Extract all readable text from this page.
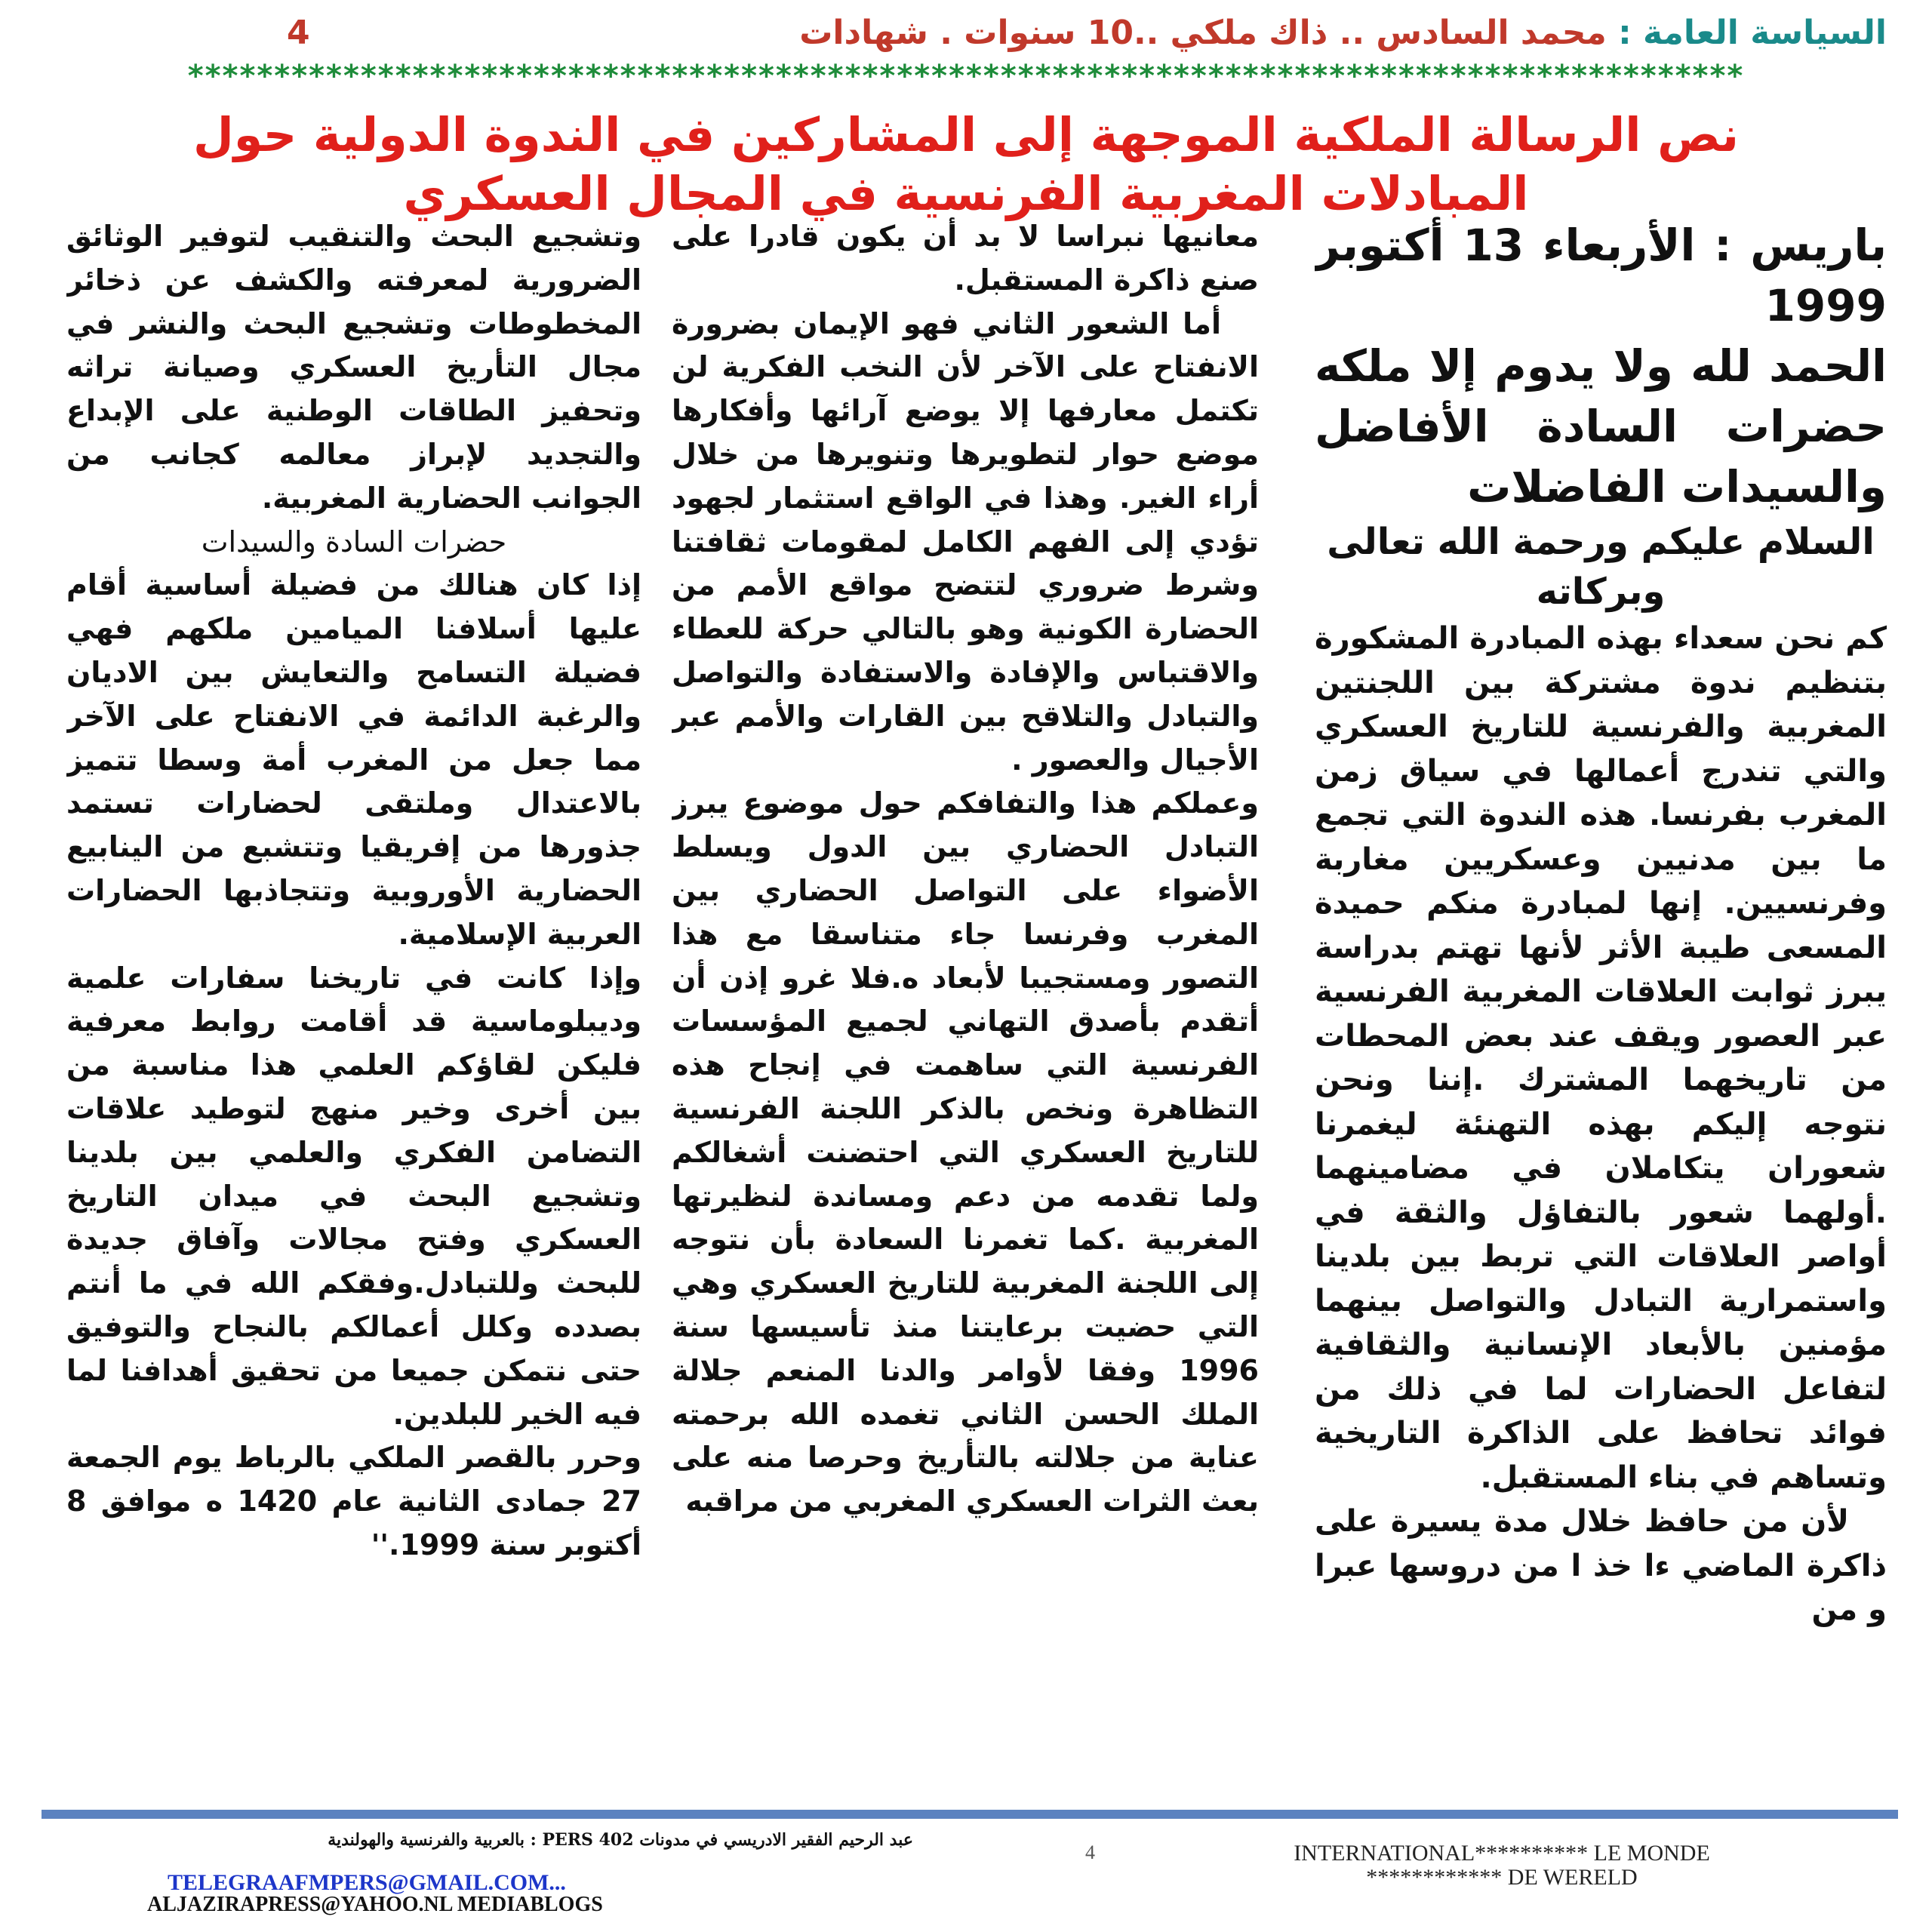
السياسة العامة : محمد السادس .. ذاك ملكي ..10 سنوات . شهادات
4
******************************************************************************************
نص الرسالة الملكية الموجهة إلى المشاركين في الندوة الدولية حول
المبادلات المغربية الفرنسية في المجال العسكري

باريس : الأربعاء 13 أكتوبر 1999

الحمد لله ولا يدوم إلا ملكه حضرات السادة الأفاضل والسيدات الفاضلات

السلام عليكم ورحمة الله تعالى وبركاته

كم نحن سعداء بهذه المبادرة المشكورة بتنظيم ندوة مشتركة بين اللجنتين المغربية والفرنسية للتاريخ العسكري والتي تندرج أعمالها في سياق زمن المغرب بفرنسا. هذه الندوة التي تجمع ما بين مدنيين وعسكريين مغاربة وفرنسيين. إنها لمبادرة منكم حميدة المسعى طيبة الأثر لأنها تهتم بدراسة يبرز ثوابت العلاقات المغربية الفرنسية عبر العصور ويقف عند بعض المحطات من تاريخهما المشترك .إننا ونحن نتوجه إليكم بهذه التهنئة ليغمرنا شعوران يتكاملان في مضامينهما .أولهما شعور بالتفاؤل والثقة في أواصر العلاقات التي تربط بين بلدينا واستمرارية التبادل والتواصل بينهما مؤمنين بالأبعاد الإنسانية والثقافية لتفاعل الحضارات لما في ذلك من فوائد تحافظ على الذاكرة التاريخية وتساهم في بناء المستقبل.

لأن من حافظ خلال مدة يسيرة على ذاكرة الماضي ءا خذ ا من دروسها عبرا و من

معانيها نبراسا لا بد أن يكون قادرا على صنع ذاكرة المستقبل.

أما الشعور الثاني فهو الإيمان بضرورة الانفتاح على الآخر لأن النخب الفكرية لن تكتمل معارفها إلا يوضع آرائها وأفكارها موضع حوار لتطويرها وتنويرها من خلال أراء الغير. وهذا في الواقع استثمار لجهود تؤدي إلى الفهم الكامل لمقومات ثقافتنا وشرط ضروري لتتضح مواقع الأمم من الحضارة الكونية وهو بالتالي حركة للعطاء والاقتباس والإفادة والاستفادة والتواصل والتبادل والتلاقح بين القارات والأمم عبر الأجيال والعصور .

وعملكم هذا والتفافكم حول موضوع يبرز التبادل الحضاري بين الدول ويسلط الأضواء على التواصل الحضاري بين المغرب وفرنسا جاء متناسقا مع هذا التصور ومستجيبا لأبعاد ه.فلا غرو إذن أن أتقدم بأصدق التهاني لجميع المؤسسات الفرنسية التي ساهمت في إنجاح هذه التظاهرة ونخص بالذكر اللجنة الفرنسية للتاريخ العسكري التي احتضنت أشغالكم ولما تقدمه من دعم ومساندة لنظيرتها المغربية .كما تغمرنا السعادة بأن نتوجه إلى اللجنة المغربية للتاريخ العسكري وهي التي حضيت برعايتنا منذ تأسيسها سنة 1996 وفقا لأوامر والدنا المنعم جلالة الملك الحسن الثاني تغمده الله برحمته عناية من جلالته بالتأريخ وحرصا منه على بعث الثرات العسكري المغربي من مراقبه

وتشجيع البحث والتنقيب لتوفير الوثائق الضرورية لمعرفته والكشف عن ذخائر المخطوطات وتشجيع البحث والنشر في مجال التأريخ العسكري وصيانة تراثه وتحفيز الطاقات الوطنية على الإبداع والتجديد لإبراز معالمه كجانب من الجوانب الحضارية المغربية.

حضرات السادة والسيدات

إذا كان هنالك من فضيلة أساسية أقام عليها أسلافنا الميامين ملكهم فهي فضيلة التسامح والتعايش بين الاديان والرغبة الدائمة في الانفتاح على الآخر مما جعل من المغرب أمة وسطا تتميز بالاعتدال وملتقى لحضارات تستمد جذورها من إفريقيا وتتشبع من الينابيع الحضارية الأوروبية وتتجاذبها الحضارات العربية الإسلامية.

وإذا كانت في تاريخنا سفارات علمية وديبلوماسية قد أقامت روابط معرفية فليكن لقاؤكم العلمي هذا مناسبة من بين أخرى وخير منهج لتوطيد علاقات التضامن الفكري والعلمي بين بلدينا وتشجيع البحث في ميدان التاريخ العسكري وفتح مجالات وآفاق جديدة للبحث وللتبادل.وفقكم الله في ما أنتم بصدده وكلل أعمالكم بالنجاح والتوفيق حتى نتمكن جميعا من تحقيق أهدافنا لما فيه الخير للبلدين.

وحرر بالقصر الملكي بالرباط يوم الجمعة 27 جمادى الثانية عام 1420 ه موافق 8 أكتوبر سنة 1999.''

عبد الرحيم الفقير الادريسي في مدونات PERS 402 : بالعربية والفرنسية والهولندية
TELEGRAAFMPERS@GMAIL.COM...
ALJAZIRAPRESS@YAHOO.NL MEDIABLOGS
4	INTERNATIONAL********** LE MONDE
************ DE WERELD
